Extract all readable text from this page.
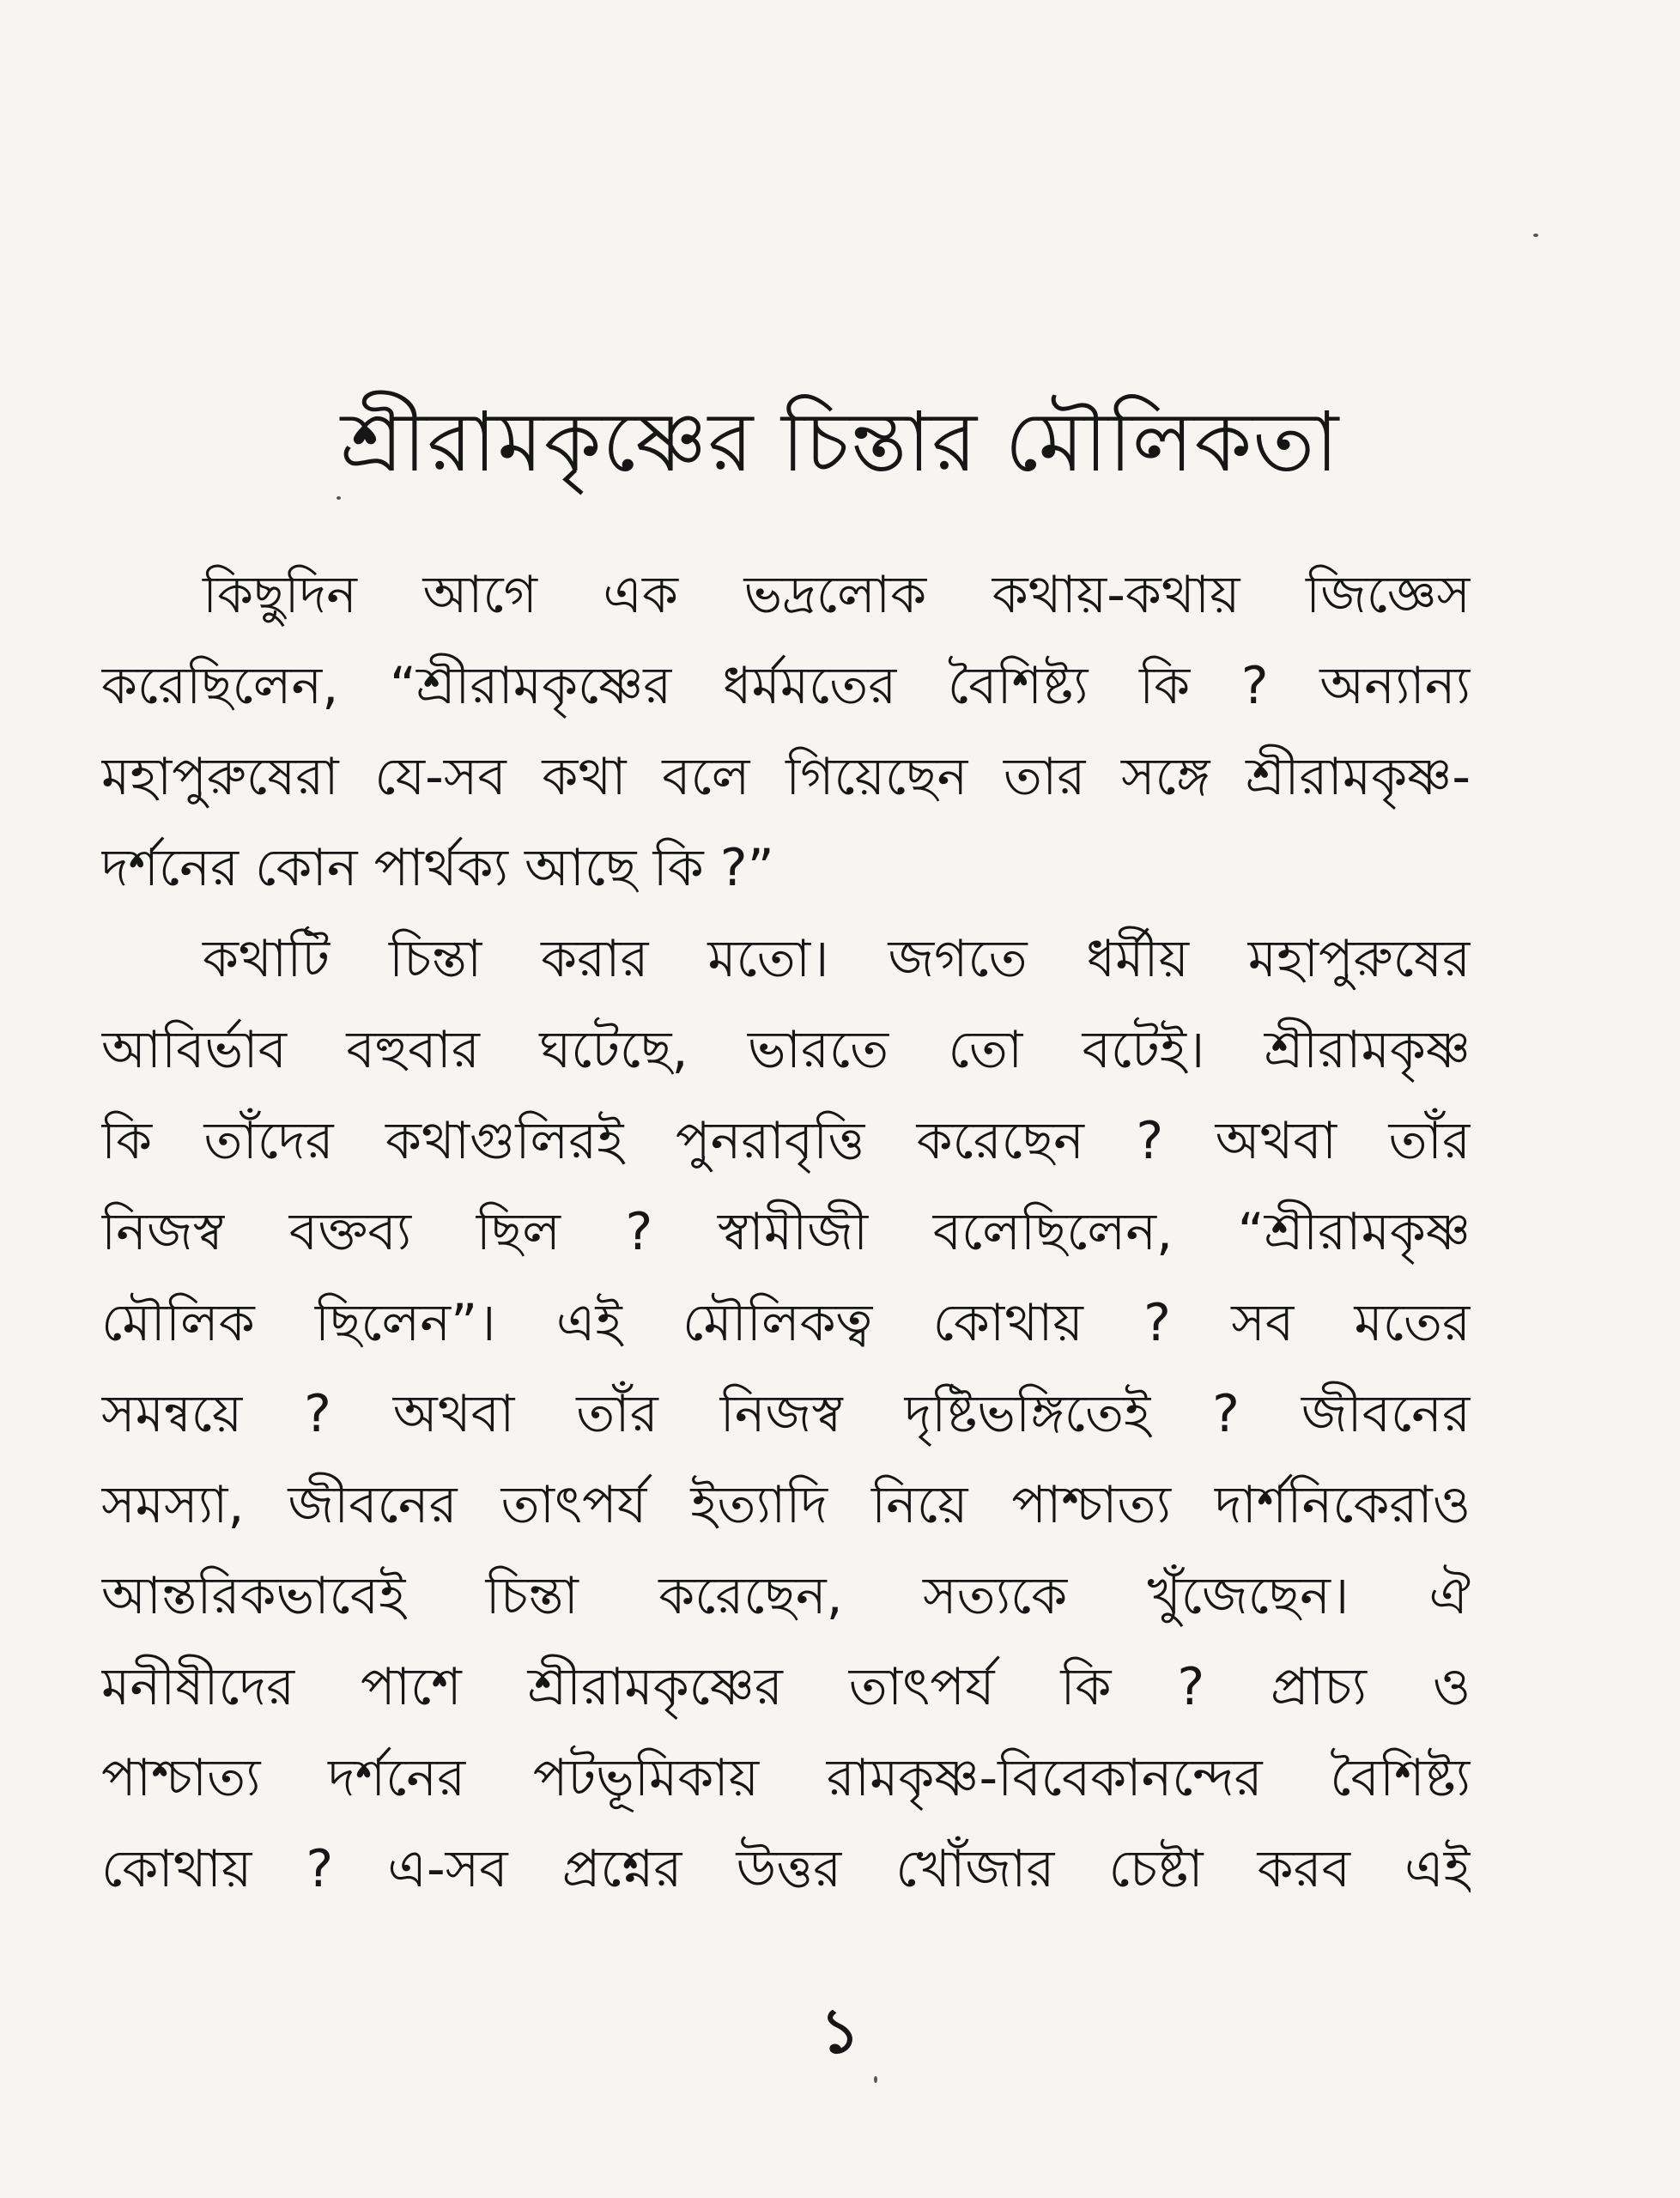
শ্রীরামকৃষ্ণের চিন্তার মৌলিকতা
কিছুদিন আগে এক ভদ্রলোক কথায়-কথায় জিজ্ঞেস
করেছিলেন, “শ্রীরামকৃষ্ণের ধর্মমতের বৈশিষ্ট্য কি ? অন্যান্য
মহাপুরুষেরা যে-সব কথা বলে গিয়েছেন তার সঙ্গে শ্রীরামকৃষ্ণ-
দর্শনের কোন পার্থক্য আছে কি ?”
কথাটি চিন্তা করার মতো। জগতে ধর্মীয় মহাপুরুষের
আবির্ভাব বহুবার ঘটেছে, ভারতে তো বটেই। শ্রীরামকৃষ্ণ
কি তাঁদের কথাগুলিরই পুনরাবৃত্তি করেছেন ? অথবা তাঁর
নিজস্ব বক্তব্য ছিল ? স্বামীজী বলেছিলেন, “শ্রীরামকৃষ্ণ
মৌলিক ছিলেন”। এই মৌলিকত্ব কোথায় ? সব মতের
সমন্বয়ে ? অথবা তাঁর নিজস্ব দৃষ্টিভঙ্গিতেই ? জীবনের
সমস্যা, জীবনের তাৎপর্য ইত্যাদি নিয়ে পাশ্চাত্য দার্শনিকেরাও
আন্তরিকভাবেই চিন্তা করেছেন, সত্যকে খুঁজেছেন। ঐ
মনীষীদের পাশে শ্রীরামকৃষ্ণের তাৎপর্য কি ? প্রাচ্য ও
পাশ্চাত্য দর্শনের পটভূমিকায় রামকৃষ্ণ-বিবেকানন্দের বৈশিষ্ট্য
কোথায় ? এ-সব প্রশ্নের উত্তর খোঁজার চেষ্টা করব এই
১
